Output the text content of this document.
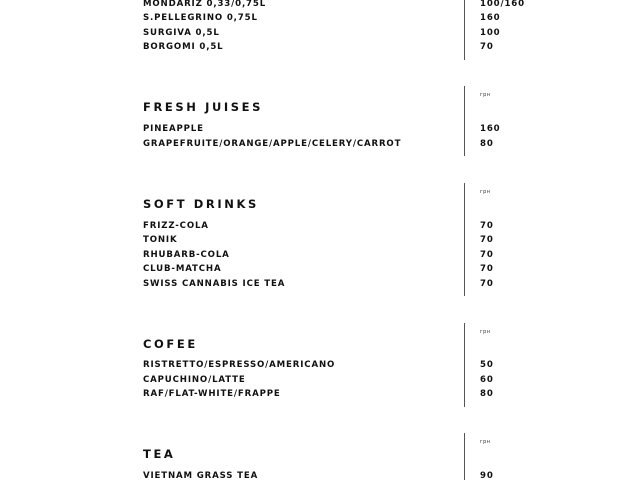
MONDARIZ 0,33/0,75L	100/160
S.PELLEGRINO 0,75L	160
SURGIVA 0,5L	100
BORGOMI 0,5L	70
грн
FRESH JUISES
PINEAPPLE	160
GRAPEFRUITE/ORANGE/APPLE/CELERY/CARROT	80
грн
SOFT DRINKS
FRIZZ-COLA	70
TONIK	70
RHUBARB-COLA	70
CLUB-MATCHA	70
SWISS CANNABIS ICE TEA	70
грн
COFEE
RISTRETTO/ESPRESSO/AMERICANO	50
CAPUCHINO/LATTE	60
RAF/FLAT-WHITE/FRAPPE	80
грн
TEA
VIETNAM GRASS TEA	90
